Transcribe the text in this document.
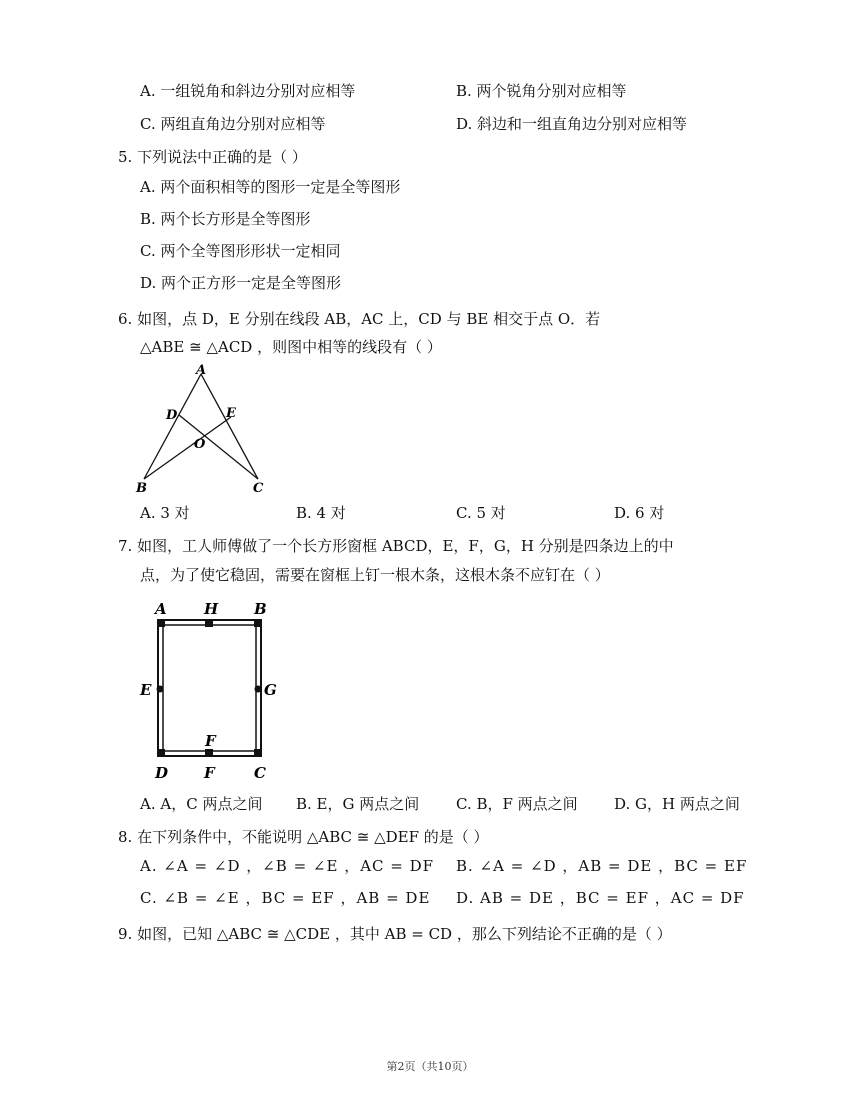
A. 一组锐角和斜边分别对应相等	B. 两个锐角分别对应相等
C. 两组直角边分别对应相等	D. 斜边和一组直角边分别对应相等
5. 下列说法中正确的是（ ）
A. 两个面积相等的图形一定是全等图形
B. 两个长方形是全等图形
C. 两个全等图形形状一定相同
D. 两个正方形一定是全等图形
6. 如图，点 D，E 分别在线段 AB，AC 上，CD 与 BE 相交于点 O．若
△ABE ≅ △ACD ，则图中相等的线段有（ ）
A
D	E
O
B	C
A. 3 对	B. 4 对	C. 5 对	D. 6 对
7. 如图，工人师傅做了一个长方形窗框 ABCD，E，F，G，H 分别是四条边上的中
点，为了使它稳固，需要在窗框上钉一根木条，这根木条不应钉在（ ）
A H B
E	G
F
D F	C
A. A，C 两点之间 B. E，G 两点之间 C. B，F 两点之间 D. G，H 两点之间
8. 在下列条件中，不能说明 △ABC ≅ △DEF 的是（ ）
A. ∠A = ∠D ，∠B = ∠E ，AC = DF B. ∠A = ∠D ，AB = DE ，BC = EF
C. ∠B = ∠E ，BC = EF ，AB = DE D. AB = DE ，BC = EF ，AC = DF
9. 如图，已知 △ABC ≅ △CDE ，其中 AB = CD ，那么下列结论不正确的是（ ）
第2页（共10页）
